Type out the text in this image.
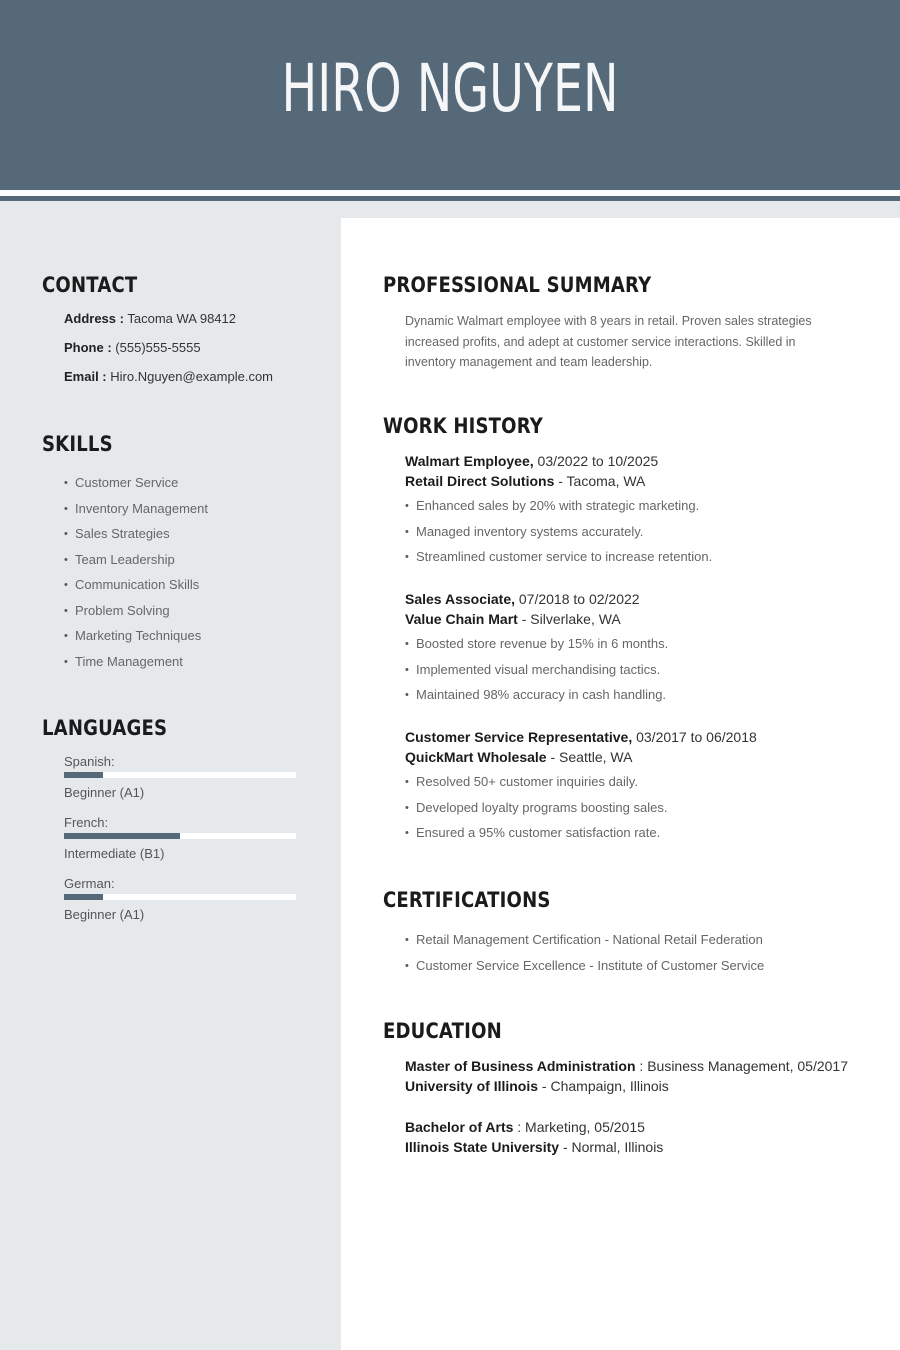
HIRO NGUYEN
CONTACT
Address : Tacoma WA 98412
Phone : (555)555-5555
Email : Hiro.Nguyen@example.com
SKILLS
• Customer Service
• Inventory Management
• Sales Strategies
• Team Leadership
• Communication Skills
• Problem Solving
• Marketing Techniques
• Time Management
LANGUAGES
Spanish:
Beginner (A1)
French:
Intermediate (B1)
German:
Beginner (A1)
PROFESSIONAL SUMMARY
Dynamic Walmart employee with 8 years in retail. Proven sales strategies increased profits, and adept at customer service interactions. Skilled in inventory management and team leadership.
WORK HISTORY
Walmart Employee, 03/2022 to 10/2025
Retail Direct Solutions - Tacoma, WA
• Enhanced sales by 20% with strategic marketing.
• Managed inventory systems accurately.
• Streamlined customer service to increase retention.
Sales Associate, 07/2018 to 02/2022
Value Chain Mart - Silverlake, WA
• Boosted store revenue by 15% in 6 months.
• Implemented visual merchandising tactics.
• Maintained 98% accuracy in cash handling.
Customer Service Representative, 03/2017 to 06/2018
QuickMart Wholesale - Seattle, WA
• Resolved 50+ customer inquiries daily.
• Developed loyalty programs boosting sales.
• Ensured a 95% customer satisfaction rate.
CERTIFICATIONS
• Retail Management Certification - National Retail Federation
• Customer Service Excellence - Institute of Customer Service
EDUCATION
Master of Business Administration : Business Management, 05/2017
University of Illinois - Champaign, Illinois
Bachelor of Arts : Marketing, 05/2015
Illinois State University - Normal, Illinois
